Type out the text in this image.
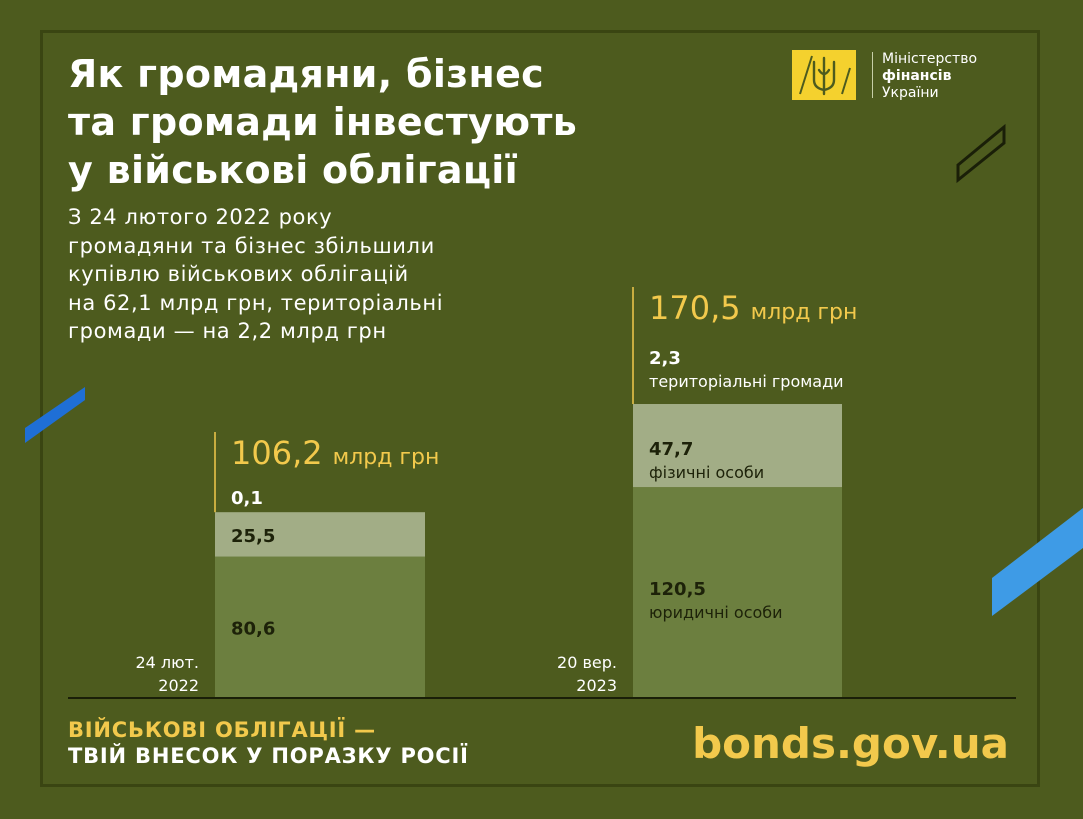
Як громадяни, бізнес
та громади інвестують
у військові облігації
З 24 лютого 2022 року
громадяни та бізнес збільшили
купівлю військових облігацій
на 62,1 млрд грн, територіальні
громади — на 2,2 млрд грн
Міністерство
фінансів
України
106,2 млрд грн
80,6
25,5
0,1
24 лют.
2022
170,5 млрд грн
120,5
юридичні особи
47,7
фізичні особи
2,3
територіальні громади
20 вер.
2023
ВІЙСЬКОВІ ОБЛІГАЦІЇ —
ТВІЙ ВНЕСОК У ПОРАЗКУ РОСІЇ	bonds.gov.ua
